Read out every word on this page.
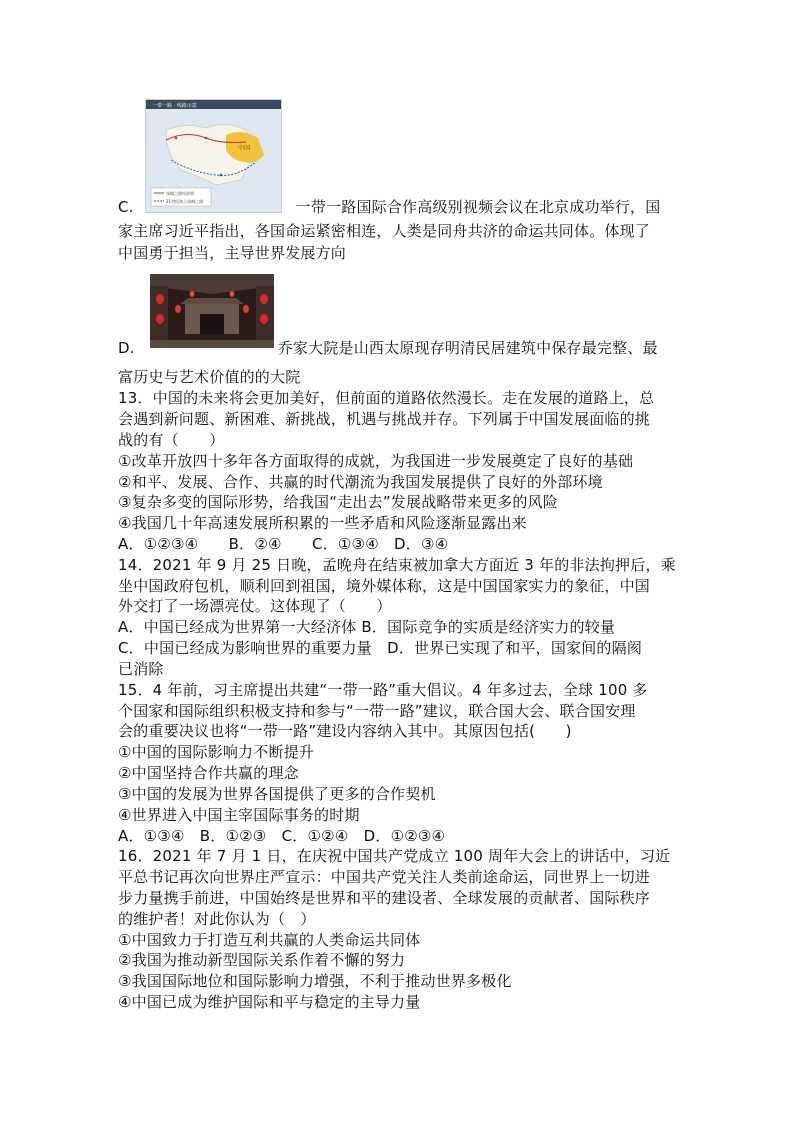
一带一路 · 线路示意
中国
丝绸之路经济带
21世纪海上丝绸之路
C.	一带一路国际合作高级别视频会议在北京成功举行，国
家主席习近平指出，各国命运紧密相连，人类是同舟共济的命运共同体。体现了
中国勇于担当，主导世界发展方向
D.	乔家大院是山西太原现存明清民居建筑中保存最完整、最
富历史与艺术价值的的大院
13．中国的未来将会更加美好，但前面的道路依然漫长。走在发展的道路上，总
会遇到新问题、新困难、新挑战，机遇与挑战并存。下列属于中国发展面临的挑
战的有（　　）
①改革开放四十多年各方面取得的成就，为我国进一步发展奠定了良好的基础
②和平、发展、合作、共赢的时代潮流为我国发展提供了良好的外部环境
③复杂多变的国际形势，给我国“走出去”发展战略带来更多的风险
④我国几十年高速发展所积累的一些矛盾和风险逐渐显露出来
A．①②③④　　B．②④　　C．①③④　D．③④
14．2021 年 9 月 25 日晚，孟晚舟在结束被加拿大方面近 3 年的非法拘押后，乘
坐中国政府包机，顺利回到祖国，境外媒体称，这是中国国家实力的象征，中国
外交打了一场漂亮仗。这体现了（　　）
A．中国已经成为世界第一大经济体 B．国际竞争的实质是经济实力的较量
C．中国已经成为影响世界的重要力量　D．世界已实现了和平，国家间的隔阂
已消除
15．4 年前，习主席提出共建“一带一路”重大倡议。4 年多过去，全球 100 多
个国家和国际组织积极支持和参与“一带一路”建议，联合国大会、联合国安理
会的重要决议也将“一带一路”建设内容纳入其中。其原因包括(　　)
①中国的国际影响力不断提升
②中国坚持合作共赢的理念
③中国的发展为世界各国提供了更多的合作契机
④世界进入中国主宰国际事务的时期
A．①③④　B．①②③　C．①②④　D．①②③④
16．2021 年 7 月 1 日，在庆祝中国共产党成立 100 周年大会上的讲话中，习近
平总书记再次向世界庄严宣示：中国共产党关注人类前途命运，同世界上一切进
步力量携手前进，中国始终是世界和平的建设者、全球发展的贡献者、国际秩序
的维护者！对此你认为（　）
①中国致力于打造互利共赢的人类命运共同体
②我国为推动新型国际关系作着不懈的努力
③我国国际地位和国际影响力增强，不利于推动世界多极化
④中国已成为维护国际和平与稳定的主导力量
